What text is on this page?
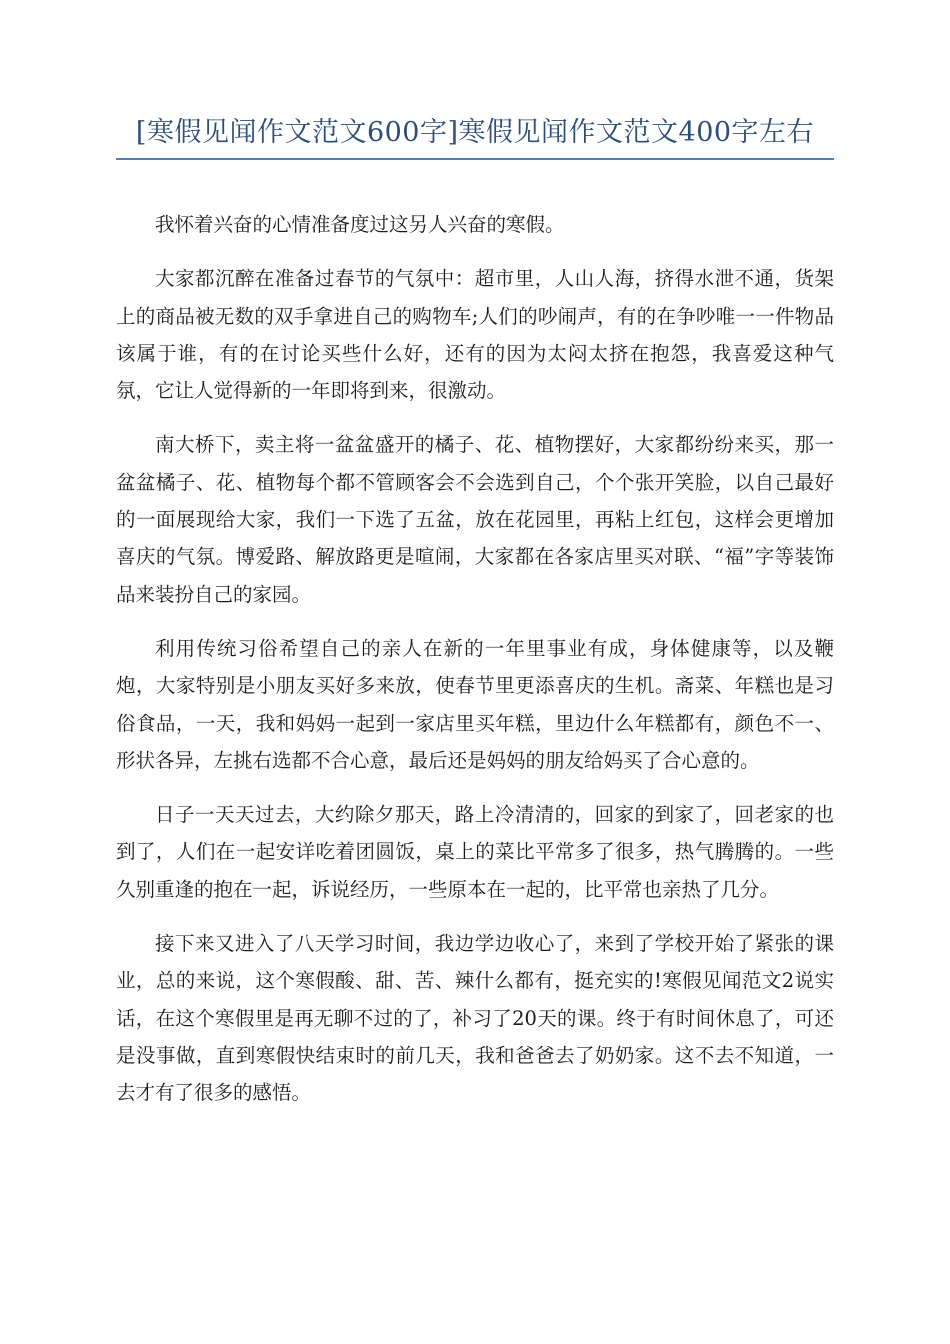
[寒假见闻作文范文600字]寒假见闻作文范文400字左右

我怀着兴奋的心情准备度过这另人兴奋的寒假。

大家都沉醉在准备过春节的气氛中：超市里，人山人海，挤得水泄不通，货架上的商品被无数的双手拿进自己的购物车;人们的吵闹声，有的在争吵唯一一件物品该属于谁，有的在讨论买些什么好，还有的因为太闷太挤在抱怨，我喜爱这种气氛，它让人觉得新的一年即将到来，很激动。

南大桥下，卖主将一盆盆盛开的橘子、花、植物摆好，大家都纷纷来买，那一盆盆橘子、花、植物每个都不管顾客会不会选到自己，个个张开笑脸，以自己最好的一面展现给大家，我们一下选了五盆，放在花园里，再粘上红包，这样会更增加喜庆的气氛。博爱路、解放路更是喧闹，大家都在各家店里买对联、“福”字等装饰品来装扮自己的家园。

利用传统习俗希望自己的亲人在新的一年里事业有成，身体健康等，以及鞭炮，大家特别是小朋友买好多来放，使春节里更添喜庆的生机。斋菜、年糕也是习俗食品，一天，我和妈妈一起到一家店里买年糕，里边什么年糕都有，颜色不一、形状各异，左挑右选都不合心意，最后还是妈妈的朋友给妈买了合心意的。

日子一天天过去，大约除夕那天，路上冷清清的，回家的到家了，回老家的也到了，人们在一起安详吃着团圆饭，桌上的菜比平常多了很多，热气腾腾的。一些久别重逢的抱在一起，诉说经历，一些原本在一起的，比平常也亲热了几分。

接下来又进入了八天学习时间，我边学边收心了，来到了学校开始了紧张的课业，总的来说，这个寒假酸、甜、苦、辣什么都有，挺充实的!寒假见闻范文2说实话，在这个寒假里是再无聊不过的了，补习了20天的课。终于有时间休息了，可还是没事做，直到寒假快结束时的前几天，我和爸爸去了奶奶家。这不去不知道，一去才有了很多的感悟。
